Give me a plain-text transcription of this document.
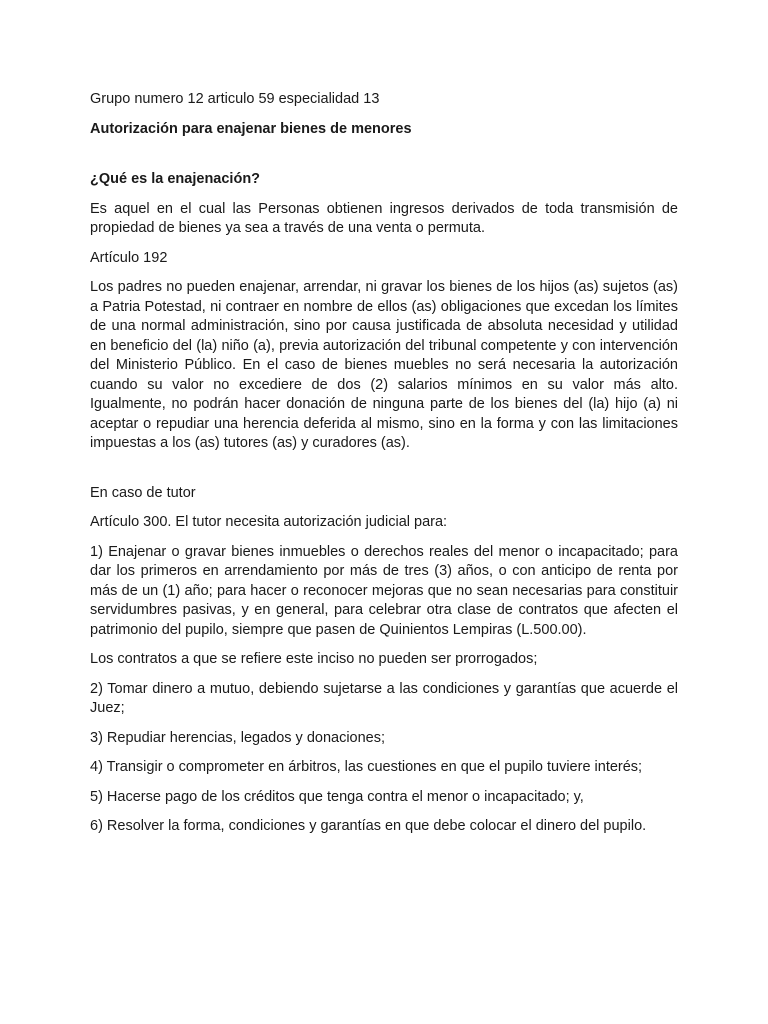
Grupo numero 12 articulo 59 especialidad 13

Autorización para enajenar bienes de menores

¿Qué es la enajenación?

Es aquel en el cual las Personas obtienen ingresos derivados de toda transmisión de propiedad de bienes ya sea a través de una venta o permuta.

Artículo 192

Los padres no pueden enajenar, arrendar, ni gravar los bienes de los hijos (as) sujetos (as) a Patria Potestad, ni contraer en nombre de ellos (as) obligaciones que excedan los límites de una normal administración, sino por causa justificada de absoluta necesidad y utilidad en beneficio del (la) niño (a), previa autorización del tribunal competente y con intervención del Ministerio Público. En el caso de bienes muebles no será necesaria la autorización cuando su valor no excediere de dos (2) salarios mínimos en su valor más alto. Igualmente, no podrán hacer donación de ninguna parte de los bienes del (la) hijo (a) ni aceptar o repudiar una herencia deferida al mismo, sino en la forma y con las limitaciones impuestas a los (as) tutores (as) y curadores (as).

En caso de tutor

Artículo 300. El tutor necesita autorización judicial para:

1) Enajenar o gravar bienes inmuebles o derechos reales del menor o incapacitado; para dar los primeros en arrendamiento por más de tres (3) años, o con anticipo de renta por más de un (1) año; para hacer o reconocer mejoras que no sean necesarias para constituir servidumbres pasivas, y en general, para celebrar otra clase de contratos que afecten el patrimonio del pupilo, siempre que pasen de Quinientos Lempiras (L.500.00).

Los contratos a que se refiere este inciso no pueden ser prorrogados;

2) Tomar dinero a mutuo, debiendo sujetarse a las condiciones y garantías que acuerde el Juez;

3) Repudiar herencias, legados y donaciones;

4) Transigir o comprometer en árbitros, las cuestiones en que el pupilo tuviere interés;

5) Hacerse pago de los créditos que tenga contra el menor o incapacitado; y,

6) Resolver la forma, condiciones y garantías en que debe colocar el dinero del pupilo.
